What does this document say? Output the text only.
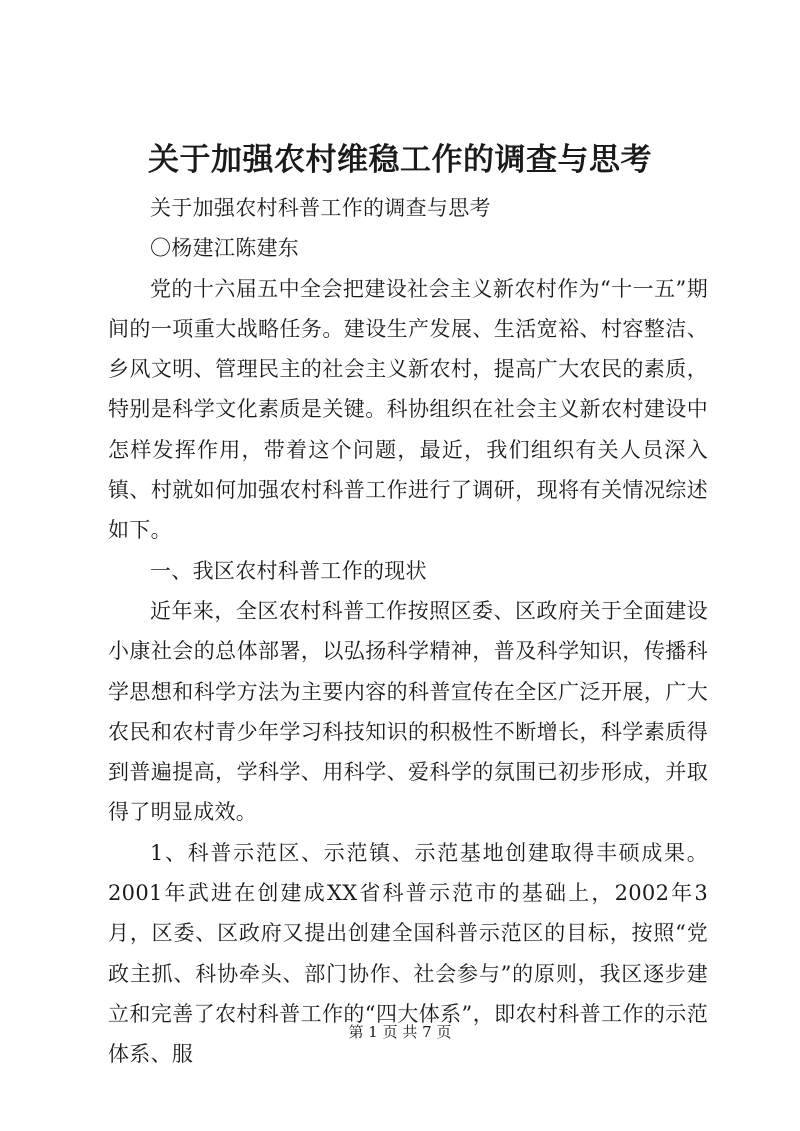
关于加强农村维稳工作的调查与思考

关于加强农村科普工作的调查与思考

〇杨建江陈建东

党的十六届五中全会把建设社会主义新农村作为“十一五”期间的一项重大战略任务。建设生产发展、生活宽裕、村容整洁、乡风文明、管理民主的社会主义新农村，提高广大农民的素质，特别是科学文化素质是关键。科协组织在社会主义新农村建设中怎样发挥作用，带着这个问题，最近，我们组织有关人员深入镇、村就如何加强农村科普工作进行了调研，现将有关情况综述如下。

一、我区农村科普工作的现状

近年来，全区农村科普工作按照区委、区政府关于全面建设小康社会的总体部署，以弘扬科学精神，普及科学知识，传播科学思想和科学方法为主要内容的科普宣传在全区广泛开展，广大农民和农村青少年学习科技知识的积极性不断增长，科学素质得到普遍提高，学科学、用科学、爱科学的氛围已初步形成，并取得了明显成效。

1、科普示范区、示范镇、示范基地创建取得丰硕成果。2001年武进在创建成XX省科普示范市的基础上，2002年3月，区委、区政府又提出创建全国科普示范区的目标，按照“党政主抓、科协牵头、部门协作、社会参与”的原则，我区逐步建立和完善了农村科普工作的“四大体系”，即农村科普工作的示范体系、服

第 1 页 共 7 页
